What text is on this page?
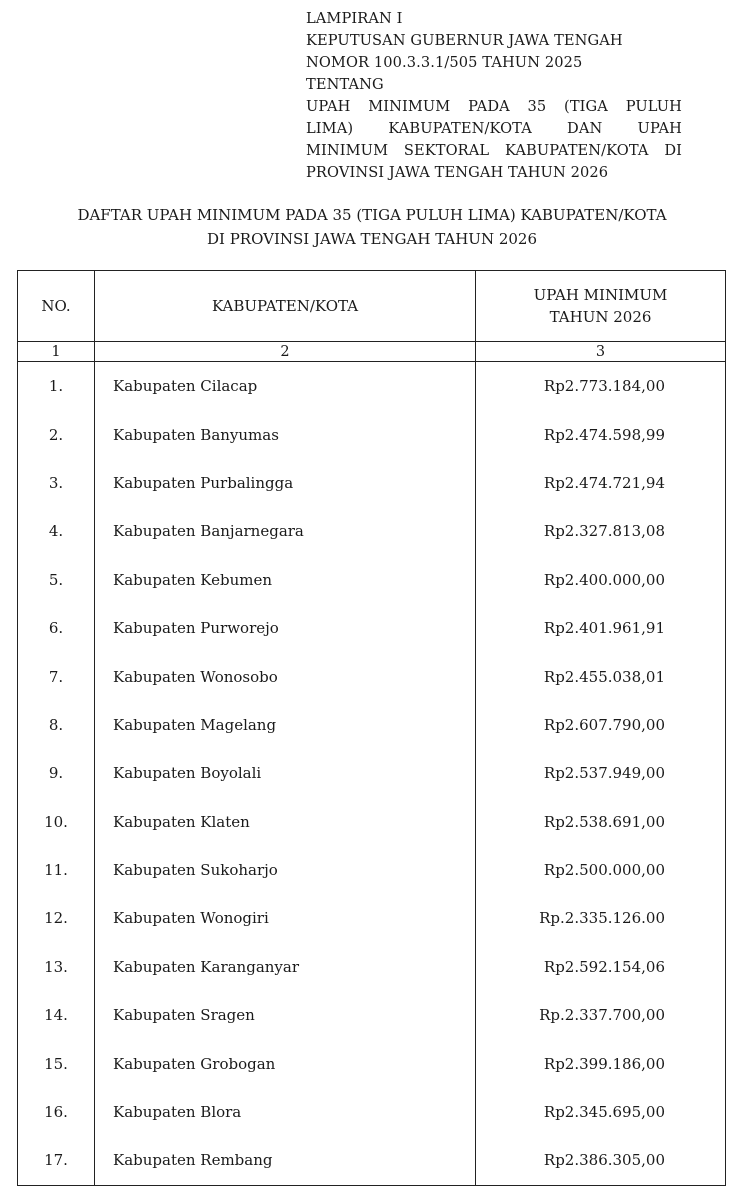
LAMPIRAN I
KEPUTUSAN GUBERNUR JAWA TENGAH
NOMOR 100.3.3.1/505 TAHUN 2025
TENTANG
UPAH MINIMUM PADA 35 (TIGA PULUH
LIMA) KABUPATEN/KOTA DAN UPAH
MINIMUM SEKTORAL KABUPATEN/KOTA DI
PROVINSI JAWA TENGAH TAHUN 2026
DAFTAR UPAH MINIMUM PADA 35 (TIGA PULUH LIMA) KABUPATEN/KOTA
DI PROVINSI JAWA TENGAH TAHUN 2026
NO.	KABUPATEN/KOTA	UPAH MINIMUM
TAHUN 2026

1	2	3
1.	Kabupaten Cilacap	Rp2.773.184,00
2.	Kabupaten Banyumas	Rp2.474.598,99
3.	Kabupaten Purbalingga	Rp2.474.721,94
4.	Kabupaten Banjarnegara	Rp2.327.813,08
5.	Kabupaten Kebumen	Rp2.400.000,00
6.	Kabupaten Purworejo	Rp2.401.961,91
7.	Kabupaten Wonosobo	Rp2.455.038,01
8.	Kabupaten Magelang	Rp2.607.790,00
9.	Kabupaten Boyolali	Rp2.537.949,00
10.	Kabupaten Klaten	Rp2.538.691,00
11.	Kabupaten Sukoharjo	Rp2.500.000,00
12.	Kabupaten Wonogiri	Rp.2.335.126.00
13.	Kabupaten Karanganyar	Rp2.592.154,06
14.	Kabupaten Sragen	Rp.2.337.700,00
15.	Kabupaten Grobogan	Rp2.399.186,00
16.	Kabupaten Blora	Rp2.345.695,00
17.	Kabupaten Rembang	Rp2.386.305,00
